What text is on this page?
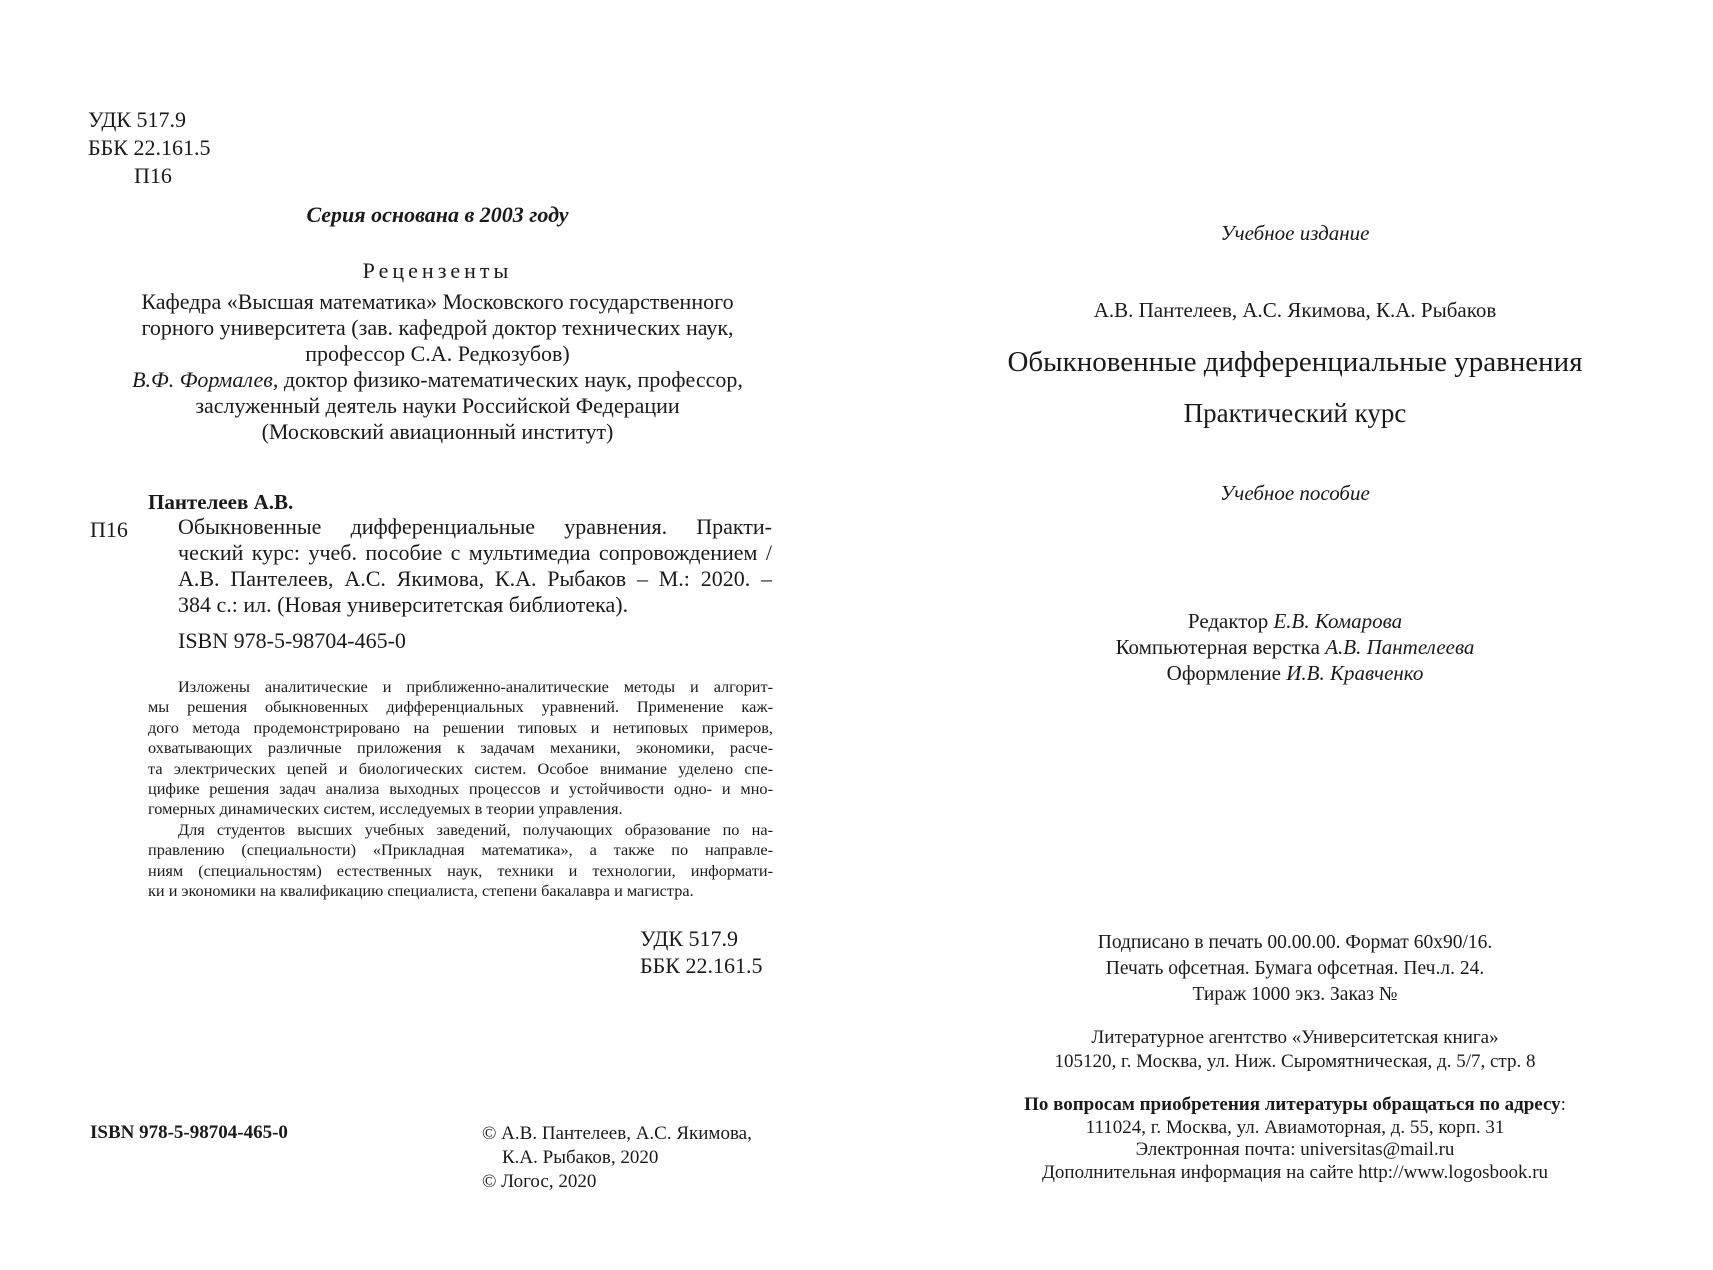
УДК 517.9
ББК 22.161.5
П16
Серия основана в 2003 году
Рецензенты
Кафедра «Высшая математика» Московского государственного
горного университета (зав. кафедрой доктор технических наук,
профессор С.А. Редкозубов)
В.Ф. Формалев, доктор физико-математических наук, профессор,
заслуженный деятель науки Российской Федерации
(Московский авиационный институт)
Пантелеев А.В.
П16 Обыкновенные дифференциальные уравнения. Практи-
ческий курс: учеб. пособие с мультимедиа сопровождением /
А.В. Пантелеев, А.С. Якимова, К.А. Рыбаков – М.: 2020. –
384 с.: ил. (Новая университетская библиотека).
ISBN 978-5-98704-465-0
Изложены аналитические и приближенно-аналитические методы и алгорит-
мы решения обыкновенных дифференциальных уравнений. Применение каж-
дого метода продемонстрировано на решении типовых и нетиповых примеров,
охватывающих различные приложения к задачам механики, экономики, расче-
та электрических цепей и биологических систем. Особое внимание уделено спе-
цифике решения задач анализа выходных процессов и устойчивости одно- и мно-
гомерных динамических систем, исследуемых в теории управления.
Для студентов высших учебных заведений, получающих образование по на-
правлению (специальности) «Прикладная математика», а также по направле-
ниям (специальностям) естественных наук, техники и технологии, информати-
ки и экономики на квалификацию специалиста, степени бакалавра и магистра.
УДК 517.9
ББК 22.161.5
ISBN 978-5-98704-465-0	© А.В. Пантелеев, А.С. Якимова,
К.А. Рыбаков, 2020
© Логос, 2020
Учебное издание
А.В. Пантелеев, А.С. Якимова, К.А. Рыбаков
Обыкновенные дифференциальные уравнения
Практический курс
Учебное пособие
Редактор Е.В. Комарова
Компьютерная верстка А.В. Пантелеева
Оформление И.В. Кравченко
Подписано в печать 00.00.00. Формат 60x90/16.
Печать офсетная. Бумага офсетная. Печ.л. 24.
Тираж 1000 экз. Заказ №
Литературное агентство «Университетская книга»
105120, г. Москва, ул. Ниж. Сыромятническая, д. 5/7, стр. 8
По вопросам приобретения литературы обращаться по адресу:
111024, г. Москва, ул. Авиамоторная, д. 55, корп. 31
Электронная почта: universitas@mail.ru
Дополнительная информация на сайте http://www.logosbook.ru
